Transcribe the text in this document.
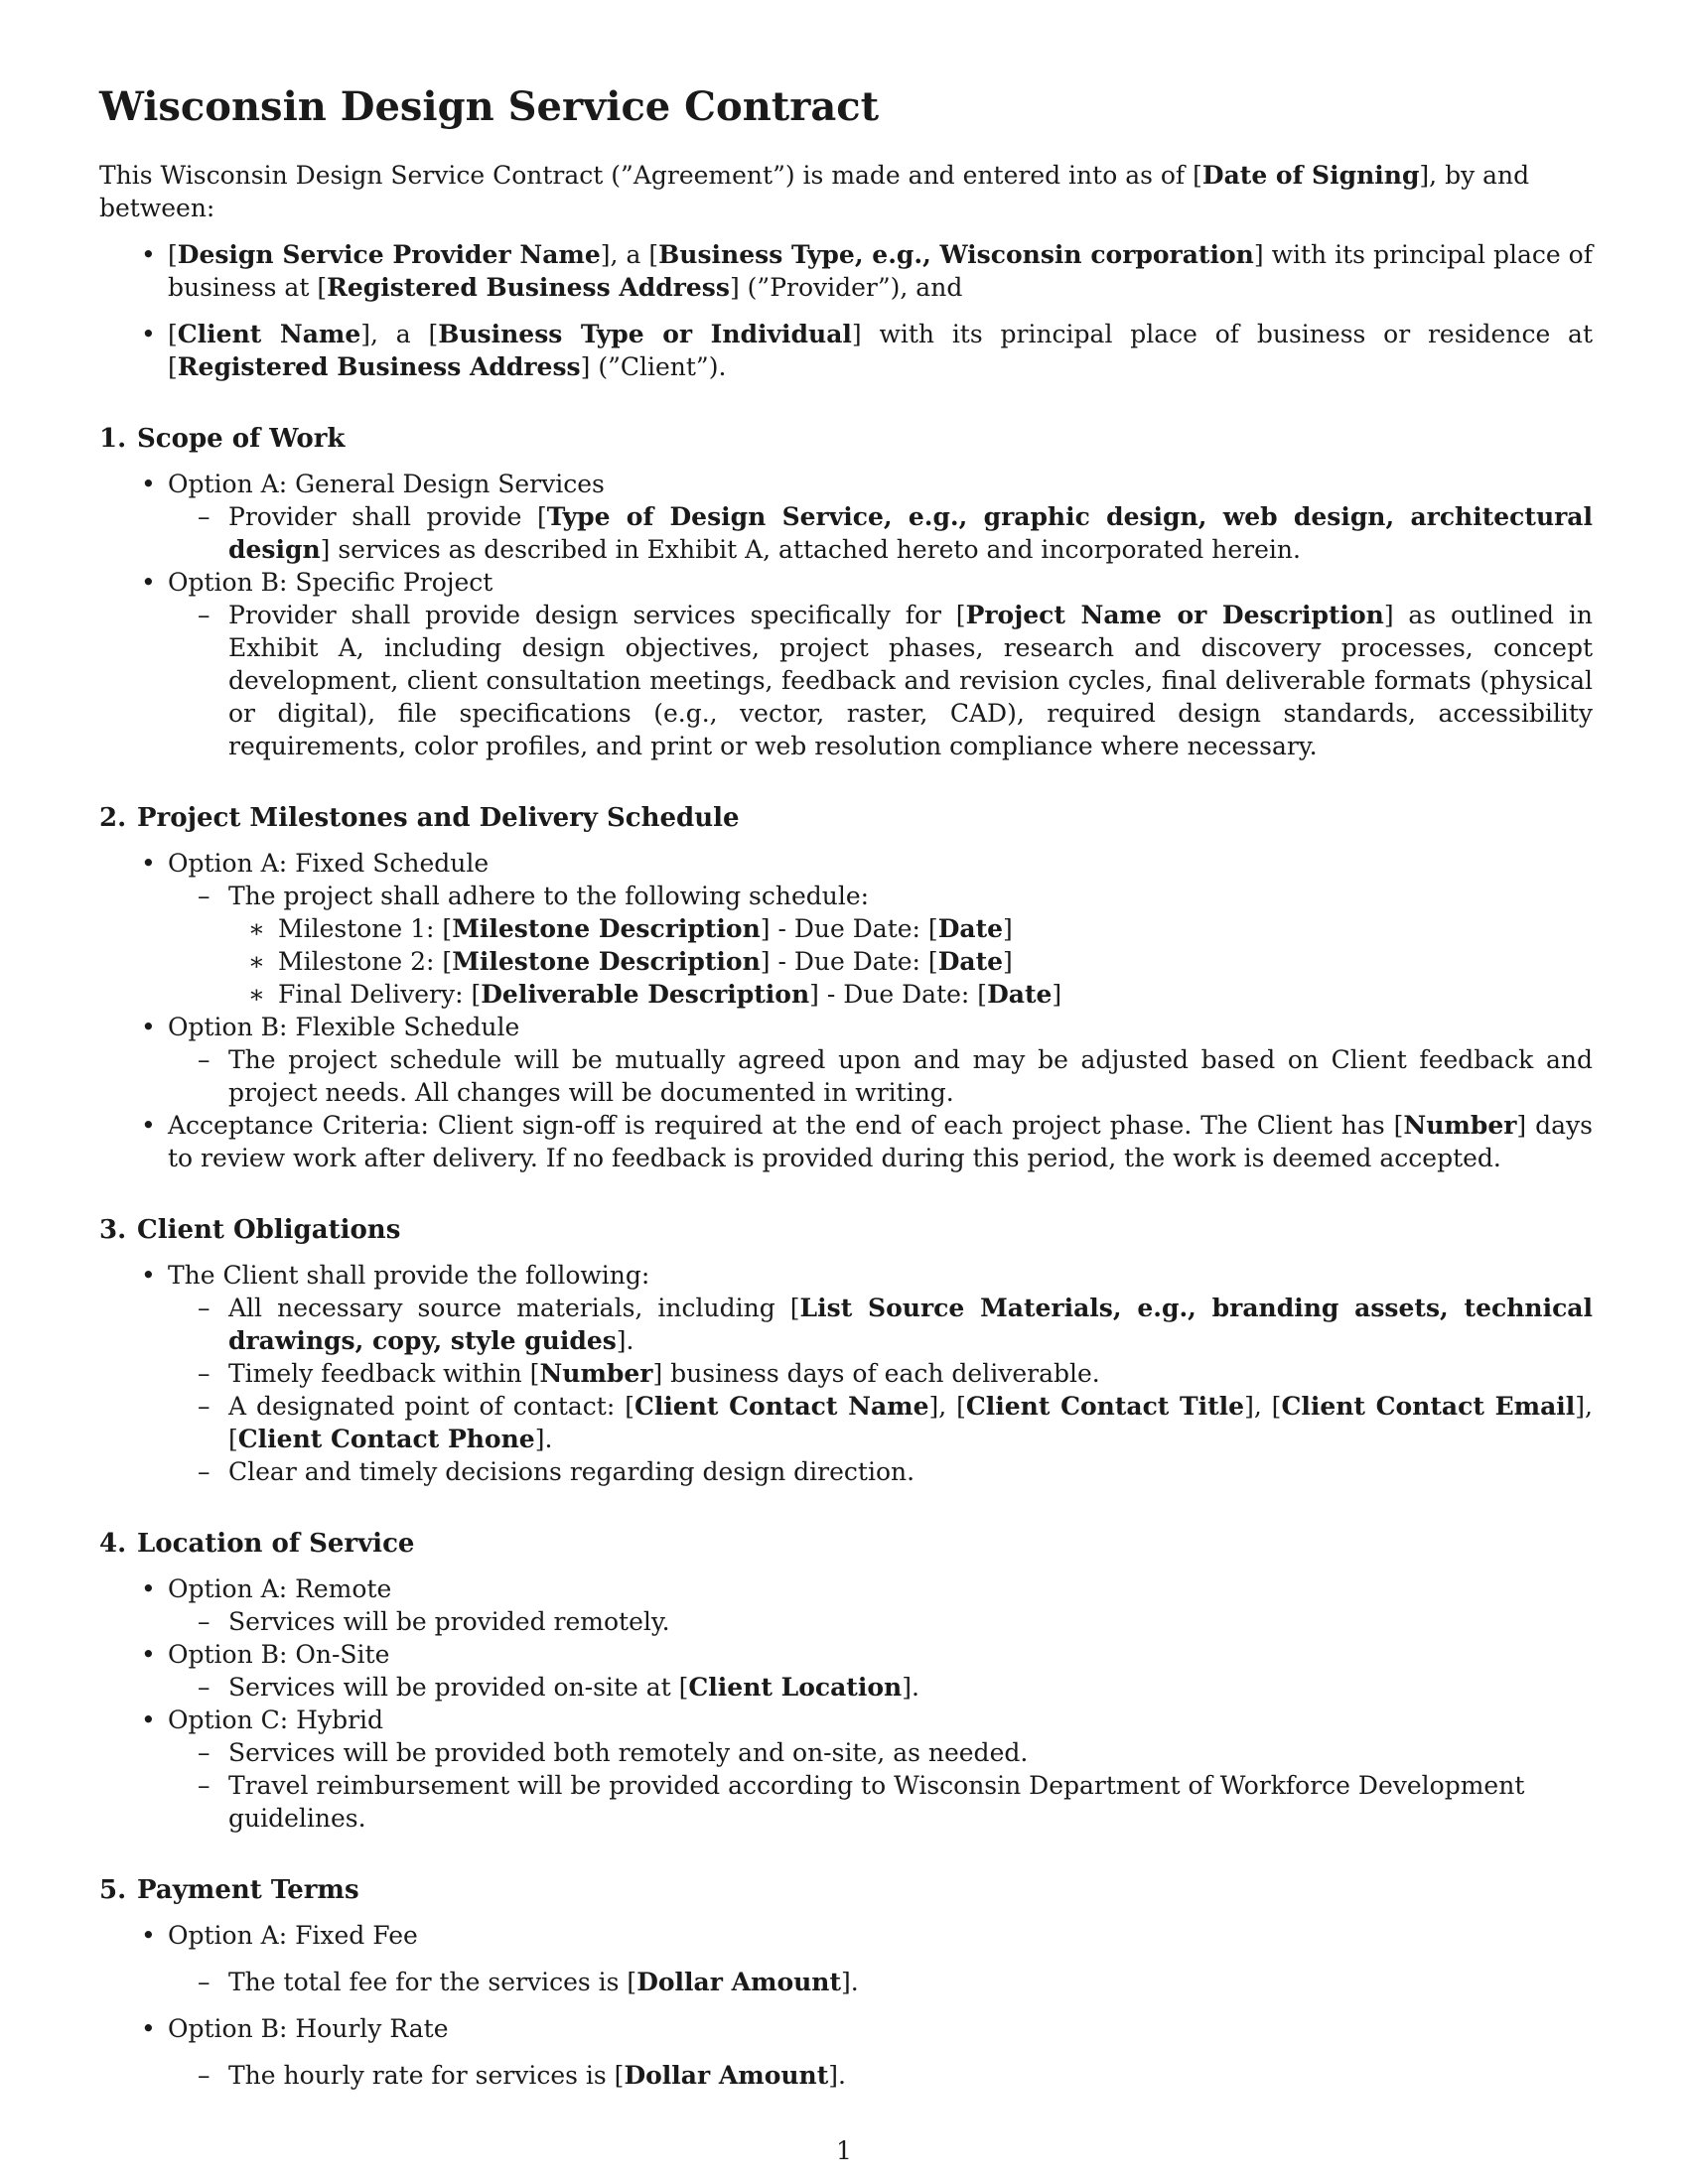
Wisconsin Design Service Contract

This Wisconsin Design Service Contract (”Agreement”) is made and entered into as of [Date of Signing], by and between:

• [Design Service Provider Name], a [Business Type, e.g., Wisconsin corporation] with its principal place of business at [Registered Business Address] (”Provider”), and
• [Client Name], a [Business Type or Individual] with its principal place of business or residence at [Registered Business Address] (”Client”).
1. Scope of Work
• Option A: General Design Services
– Provider shall provide [Type of Design Service, e.g., graphic design, web design, architectural design] services as described in Exhibit A, attached hereto and incorporated herein.
• Option B: Specific Project
– Provider shall provide design services specifically for [Project Name or Description] as outlined in Exhibit A, including design objectives, project phases, research and discovery processes, concept development, client consultation meetings, feedback and revision cycles, final deliverable formats (physical or digital), file specifications (e.g., vector, raster, CAD), required design standards, accessibility requirements, color profiles, and print or web resolution compliance where necessary.
2. Project Milestones and Delivery Schedule
• Option A: Fixed Schedule
– The project shall adhere to the following schedule:
∗ Milestone 1: [Milestone Description] - Due Date: [Date]
∗ Milestone 2: [Milestone Description] - Due Date: [Date]
∗ Final Delivery: [Deliverable Description] - Due Date: [Date]
• Option B: Flexible Schedule
– The project schedule will be mutually agreed upon and may be adjusted based on Client feedback and project needs. All changes will be documented in writing.
• Acceptance Criteria: Client sign-off is required at the end of each project phase. The Client has [Number] days to review work after delivery. If no feedback is provided during this period, the work is deemed accepted.
3. Client Obligations
• The Client shall provide the following:
– All necessary source materials, including [List Source Materials, e.g., branding assets, technical drawings, copy, style guides].
– Timely feedback within [Number] business days of each deliverable.
– A designated point of contact: [Client Contact Name], [Client Contact Title], [Client Contact Email], [Client Contact Phone].
– Clear and timely decisions regarding design direction.
4. Location of Service
• Option A: Remote
– Services will be provided remotely.
• Option B: On-Site
– Services will be provided on-site at [Client Location].
• Option C: Hybrid
– Services will be provided both remotely and on-site, as needed.
– Travel reimbursement will be provided according to Wisconsin Department of Workforce Development guidelines.
5. Payment Terms
• Option A: Fixed Fee
– The total fee for the services is [Dollar Amount].
• Option B: Hourly Rate
– The hourly rate for services is [Dollar Amount].
1
